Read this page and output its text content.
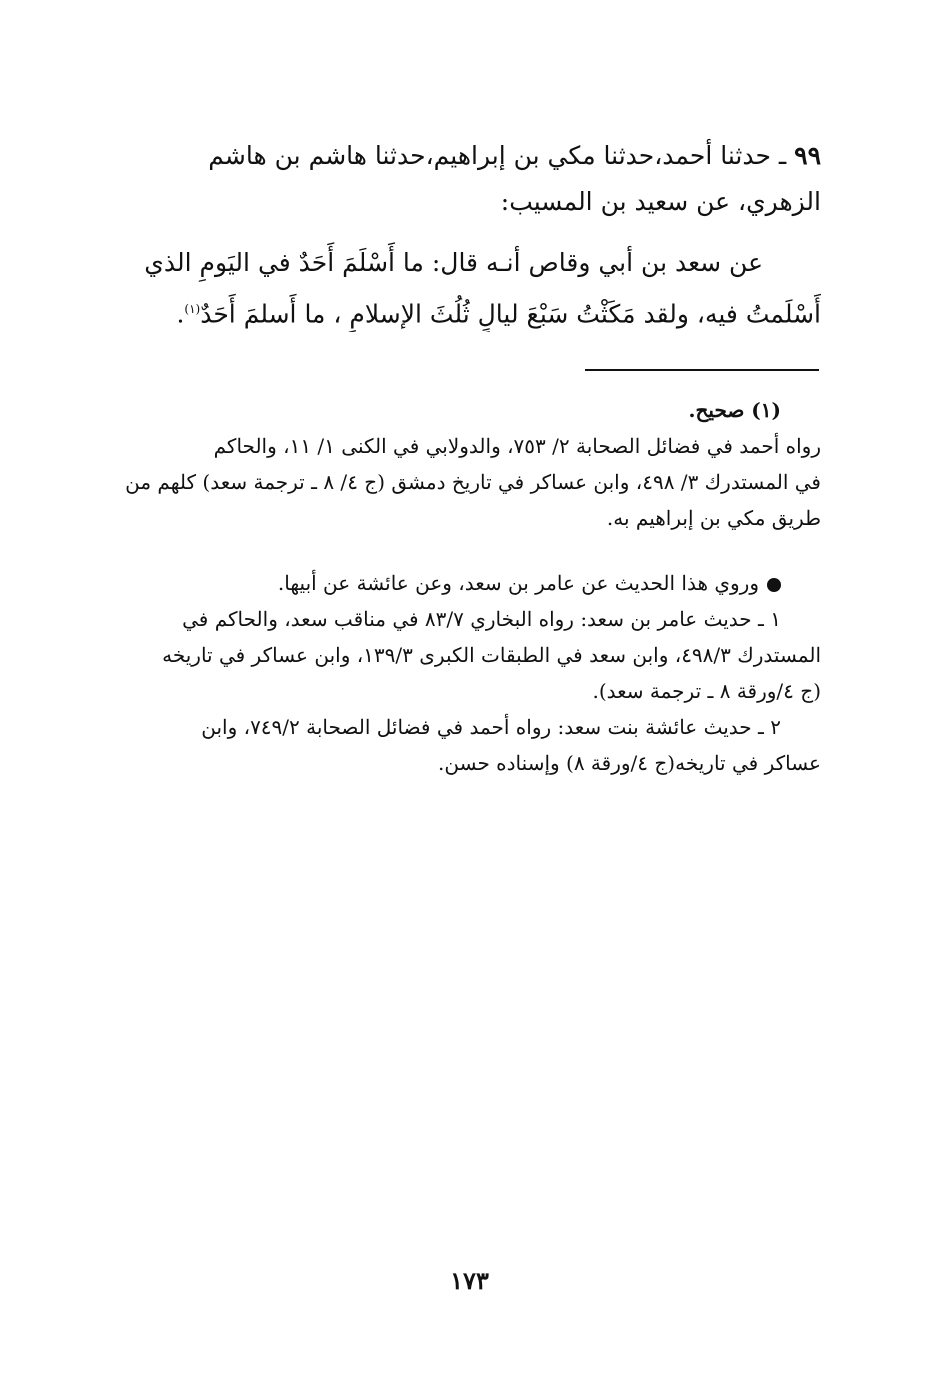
٩٩ ـ حدثنا أحمد،حدثنا مكي بن إبراهيم،حدثنا هاشم بن هاشم
الزهري، عن سعيد بن المسيب:
عن سعد بن أبي وقاص أنـه قال: ما أَسْلَمَ أَحَدٌ في اليَومِ الذي
أَسْلَمتُ فيه، ولقد مَكَثْتُ سَبْعَ ليالٍ ثُلُثَ الإسلامِ ، ما أَسلمَ أَحَدٌ$^{(١)}$.
(١) صحيح.
رواه أحمد في فضائل الصحابة ٢/ ٧٥٣، والدولابي في الكنى ١/ ١١، والحاكم
في المستدرك ٣/ ٤٩٨، وابن عساكر في تاريخ دمشق (ج ٤/ ٨ ـ ترجمة سعد) كلهم من
طريق مكي بن إبراهيم به.
وروي هذا الحديث عن عامر بن سعد، وعن عائشة عن أبيها.
١ ـ حديث عامر بن سعد: رواه البخاري ٨٣/٧ في مناقب سعد، والحاكم في
المستدرك ٤٩٨/٣، وابن سعد في الطبقات الكبرى ١٣٩/٣، وابن عساكر في تاريخه
(ج ٤/ورقة ٨ ـ ترجمة سعد).
٢ ـ حديث عائشة بنت سعد: رواه أحمد في فضائل الصحابة ٧٤٩/٢، وابن
عساكر في تاريخه(ج ٤/ورقة ٨) وإسناده حسن.
١٧٣
